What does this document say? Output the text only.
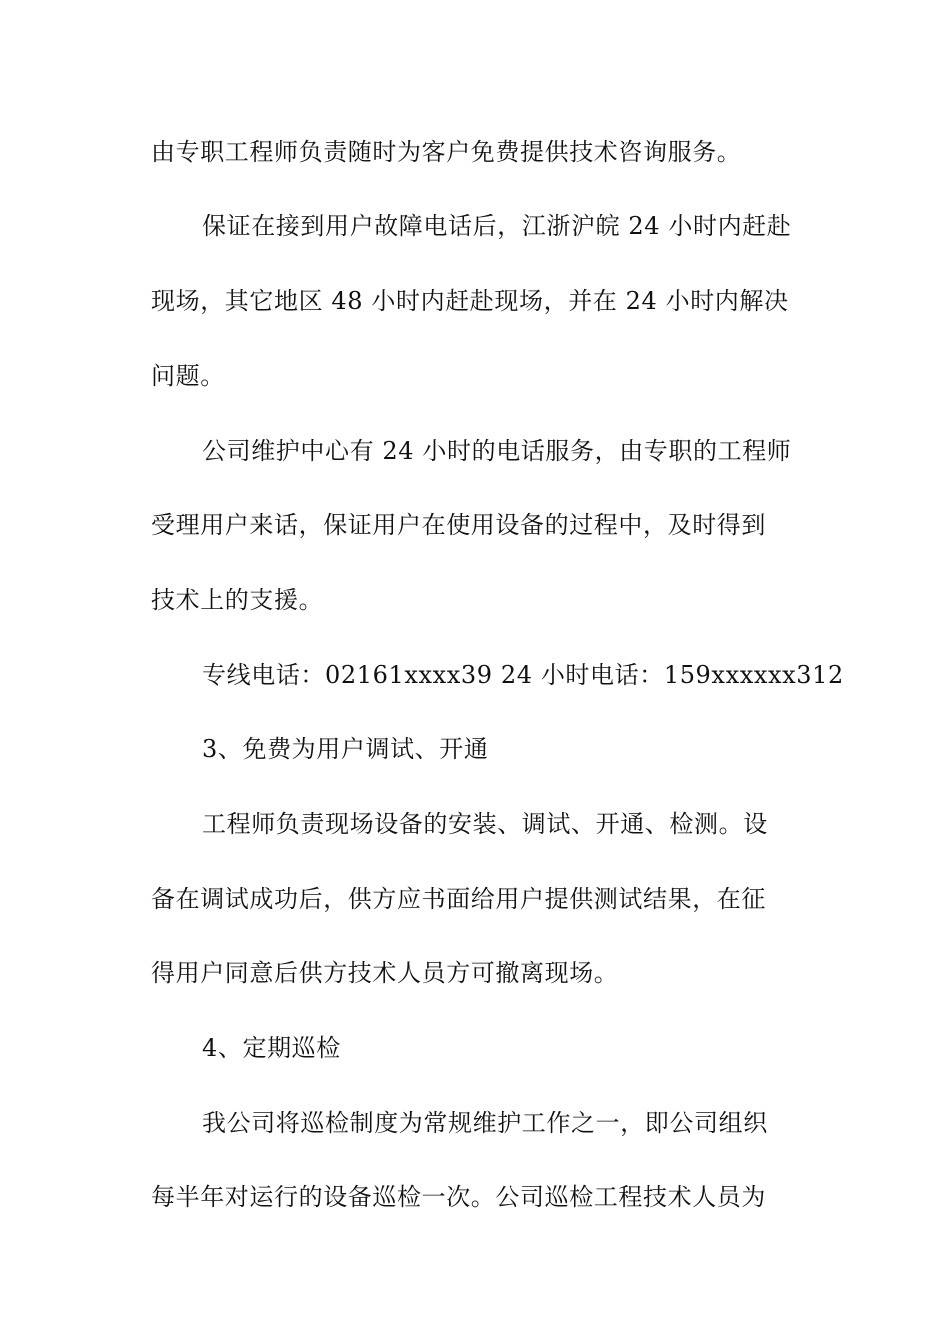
由专职工程师负责随时为客户免费提供技术咨询服务。
保证在接到用户故障电话后，江浙沪皖 24 小时内赶赴
现场，其它地区 48 小时内赶赴现场，并在 24 小时内解决
问题。
公司维护中心有 24 小时的电话服务，由专职的工程师
受理用户来话，保证用户在使用设备的过程中，及时得到
技术上的支援。
专线电话：02161xxxx39 24 小时电话：159xxxxxx312
3、免费为用户调试、开通
工程师负责现场设备的安装、调试、开通、检测。设
备在调试成功后，供方应书面给用户提供测试结果，在征
得用户同意后供方技术人员方可撤离现场。
4、定期巡检
我公司将巡检制度为常规维护工作之一，即公司组织
每半年对运行的设备巡检一次。公司巡检工程技术人员为
